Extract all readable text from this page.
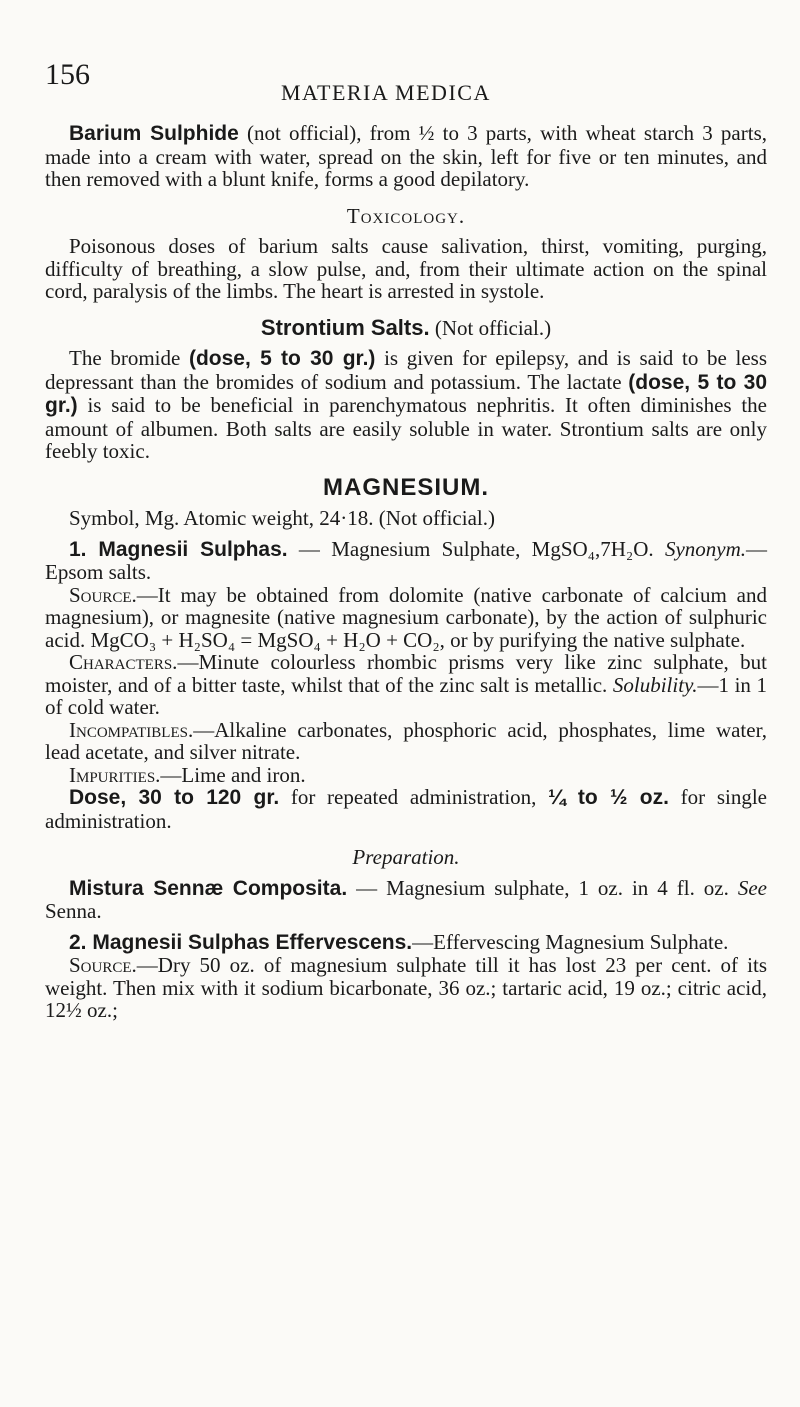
156
MATERIA MEDICA

Barium Sulphide (not official), from ½ to 3 parts, with wheat starch 3 parts, made into a cream with water, spread on the skin, left for five or ten minutes, and then removed with a blunt knife, forms a good depilatory.

Toxicology.

Poisonous doses of barium salts cause salivation, thirst, vomiting, purging, difficulty of breathing, a slow pulse, and, from their ultimate action on the spinal cord, paralysis of the limbs. The heart is arrested in systole.

Strontium Salts. (Not official.)

The bromide (dose, 5 to 30 gr.) is given for epilepsy, and is said to be less depressant than the bromides of sodium and potassium. The lactate (dose, 5 to 30 gr.) is said to be beneficial in parenchymatous nephritis. It often diminishes the amount of albumen. Both salts are easily soluble in water. Strontium salts are only feebly toxic.

MAGNESIUM.

Symbol, Mg. Atomic weight, 24·18. (Not official.)

1. Magnesii Sulphas. — Magnesium Sulphate, MgSO₄,7H₂O. Synonym.—Epsom salts.

Source.—It may be obtained from dolomite (native carbonate of calcium and magnesium), or magnesite (native magnesium carbonate), by the action of sulphuric acid. MgCO₃ + H₂SO₄ = MgSO₄ + H₂O + CO₂, or by purifying the native sulphate.

Characters.—Minute colourless rhombic prisms very like zinc sulphate, but moister, and of a bitter taste, whilst that of the zinc salt is metallic. Solubility.—1 in 1 of cold water.

Incompatibles.—Alkaline carbonates, phosphoric acid, phosphates, lime water, lead acetate, and silver nitrate.

Impurities.—Lime and iron.

Dose, 30 to 120 gr. for repeated administration, ¼ to ½ oz. for single administration.

Preparation.

Mistura Sennæ Composita. — Magnesium sulphate, 1 oz. in 4 fl. oz. See Senna.

2. Magnesii Sulphas Effervescens.—Effervescing Magnesium Sulphate.

Source.—Dry 50 oz. of magnesium sulphate till it has lost 23 per cent. of its weight. Then mix with it sodium bicarbonate, 36 oz.; tartaric acid, 19 oz.; citric acid, 12½ oz.;
